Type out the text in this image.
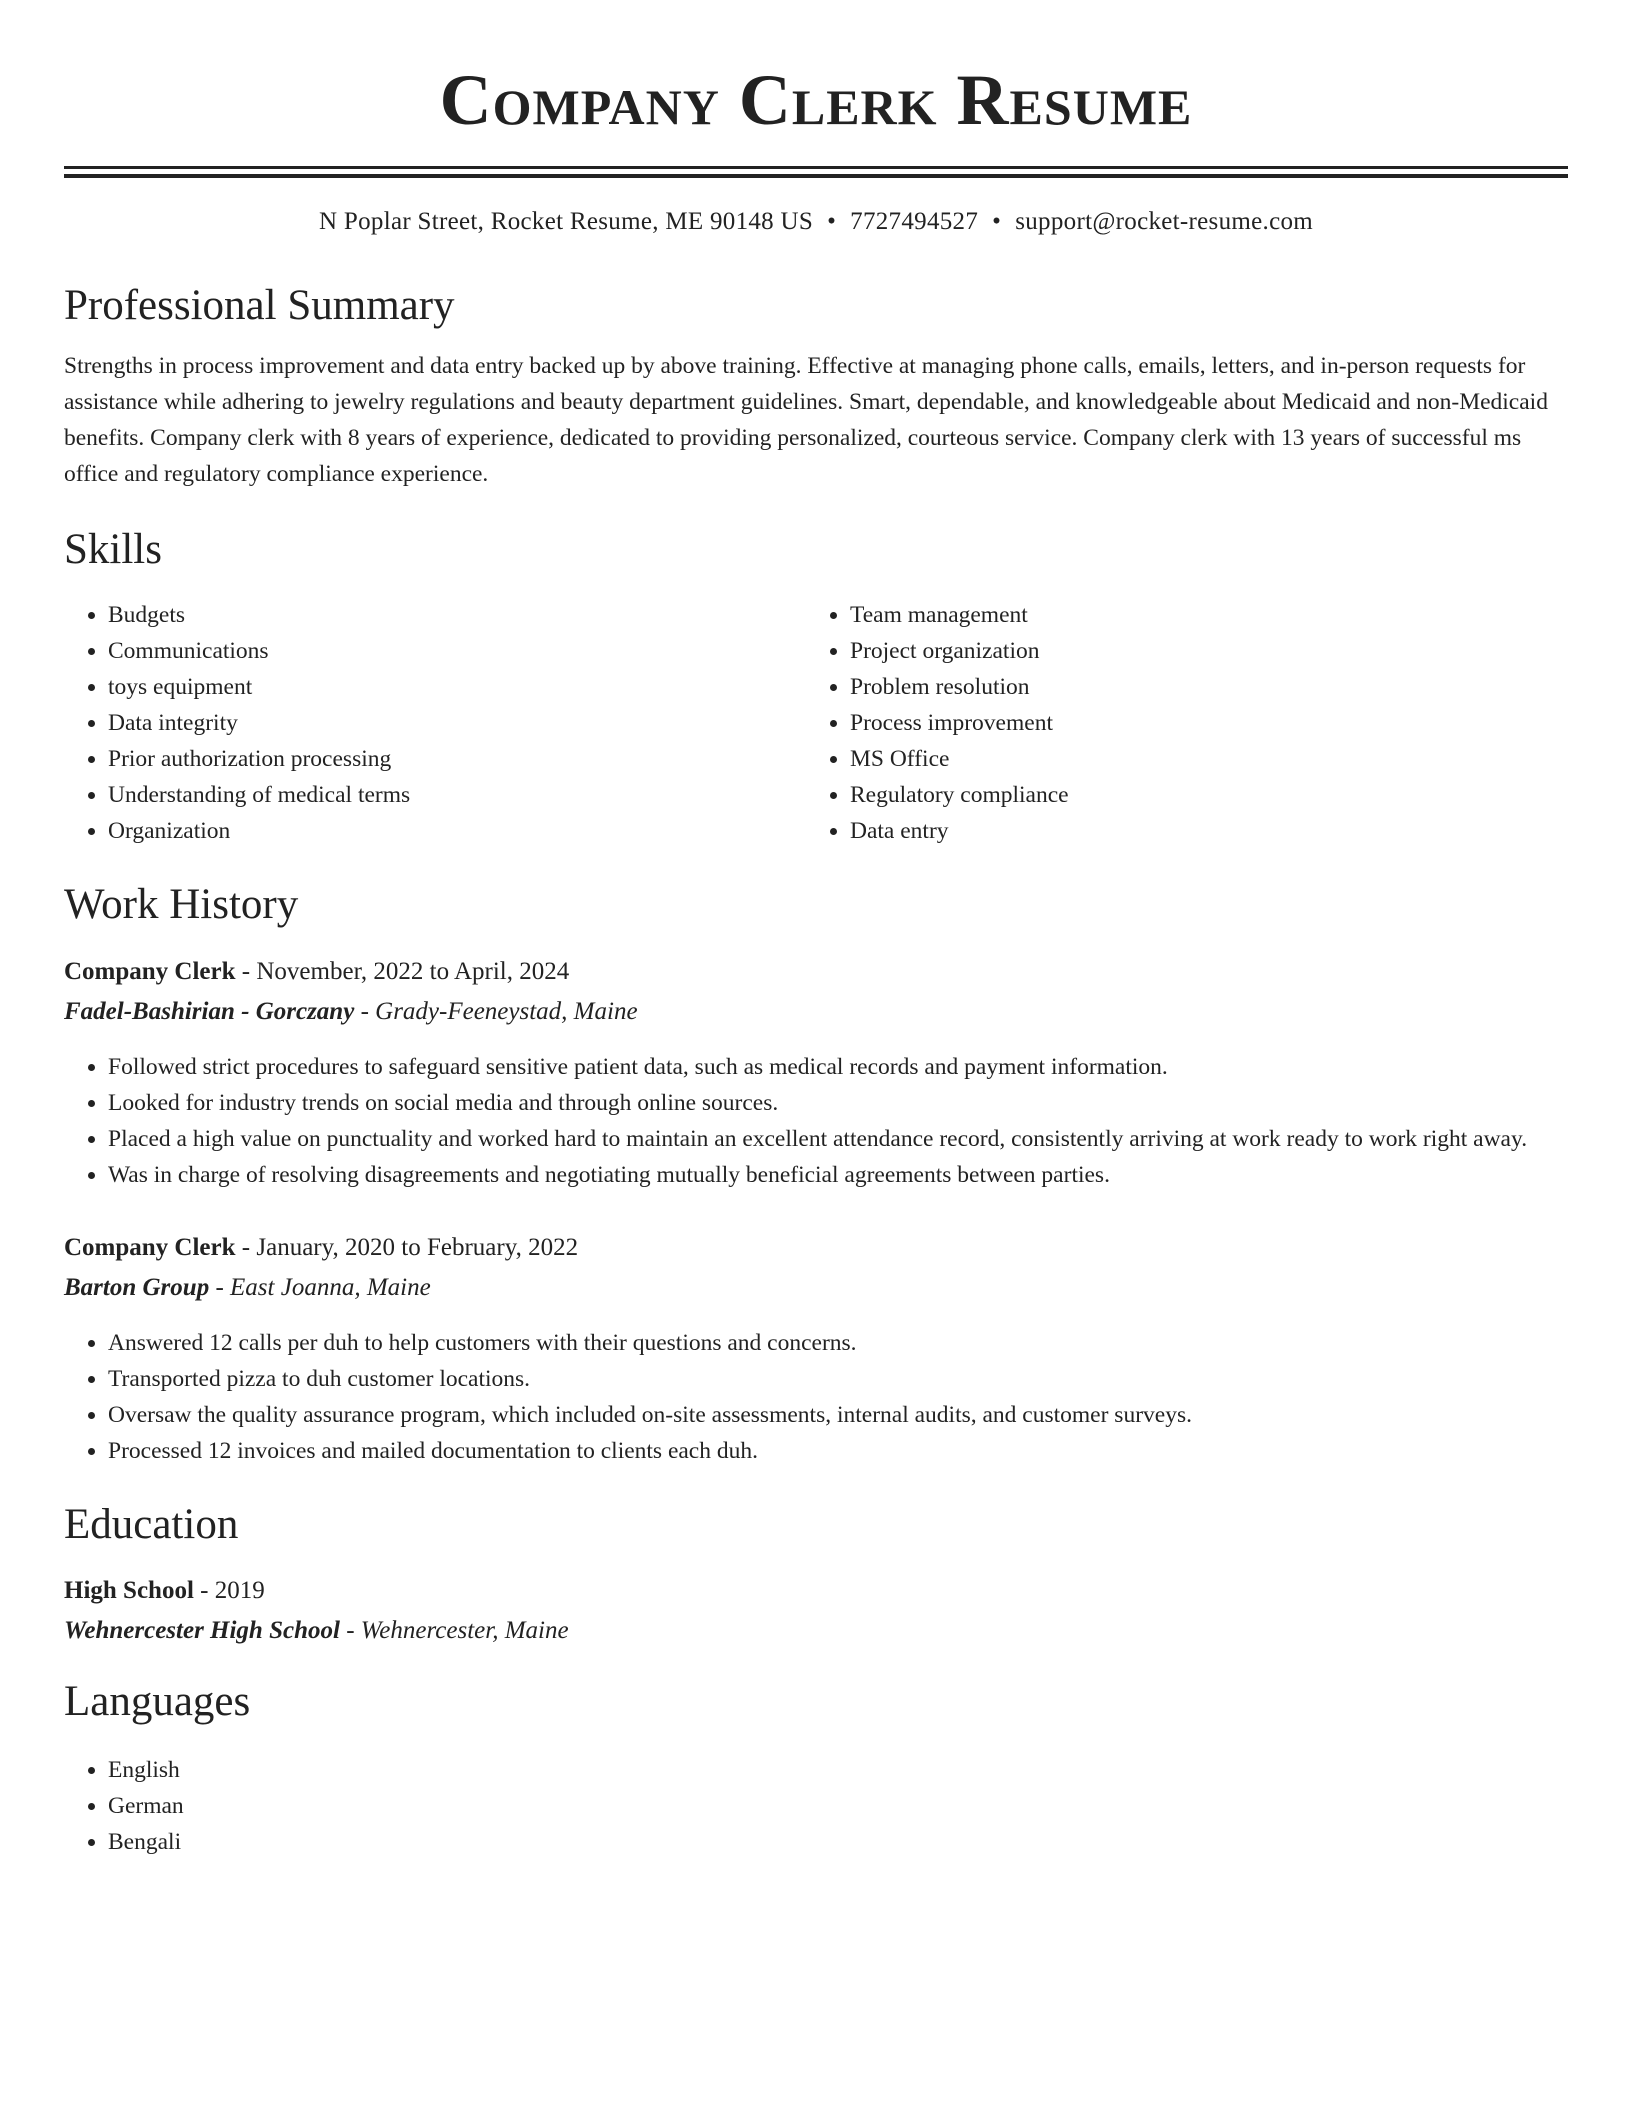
Company Clerk Resume
N Poplar Street, Rocket Resume, ME 90148 US • 7727494527 • support@rocket-resume.com
Professional Summary
Strengths in process improvement and data entry backed up by above training. Effective at managing phone calls, emails, letters, and in-person requests for assistance while adhering to jewelry regulations and beauty department guidelines. Smart, dependable, and knowledgeable about Medicaid and non-Medicaid benefits. Company clerk with 8 years of experience, dedicated to providing personalized, courteous service. Company clerk with 13 years of successful ms office and regulatory compliance experience.
Skills
• Budgets
• Communications
• toys equipment
• Data integrity
• Prior authorization processing
• Understanding of medical terms
• Organization
• Team management
• Project organization
• Problem resolution
• Process improvement
• MS Office
• Regulatory compliance
• Data entry
Work History
Company Clerk - November, 2022 to April, 2024
Fadel-Bashirian - Gorczany - Grady-Feeneystad, Maine
• Followed strict procedures to safeguard sensitive patient data, such as medical records and payment information.
• Looked for industry trends on social media and through online sources.
• Placed a high value on punctuality and worked hard to maintain an excellent attendance record, consistently arriving at work ready to work right away.
• Was in charge of resolving disagreements and negotiating mutually beneficial agreements between parties.
Company Clerk - January, 2020 to February, 2022
Barton Group - East Joanna, Maine
• Answered 12 calls per duh to help customers with their questions and concerns.
• Transported pizza to duh customer locations.
• Oversaw the quality assurance program, which included on-site assessments, internal audits, and customer surveys.
• Processed 12 invoices and mailed documentation to clients each duh.
Education
High School - 2019
Wehnercester High School - Wehnercester, Maine
Languages
• English
• German
• Bengali
